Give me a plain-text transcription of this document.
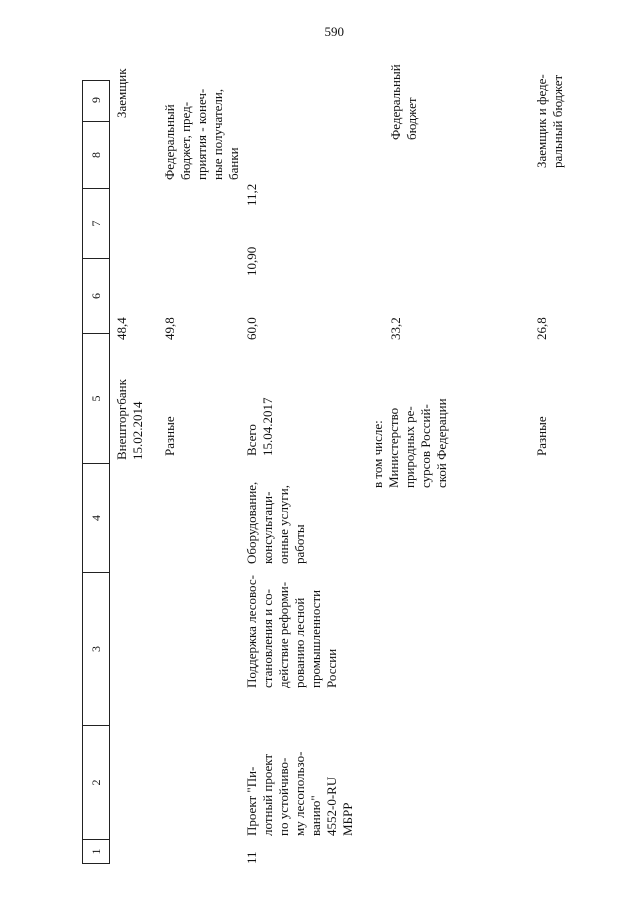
590
1
2
3
4
5
6
7
8
9
Внешторгбанк
15.02.2014
48,4
Заемщик
Разные
49,8
Федеральный
бюджет, пред-
приятия - конеч-
ные получатели,
банки
11
Проект "Пи-
лотный проект
по устойчиво-
му лесопользо-
ванию"
4552-0-RU
МБРР
Поддержка лесовос-
становления и со-
действие реформи-
рованию лесной
промышленности
России
Оборудование,
консультаци-
онные услуги,
работы
Всего
15.04.2017
60,0
10,90
11,2
в том числе:
Министерство
природных ре-
сурсов Россий-
ской Федерации
33,2
Федеральный
бюджет
Разные
26,8
Заемщик и феде-
ральный бюджет
